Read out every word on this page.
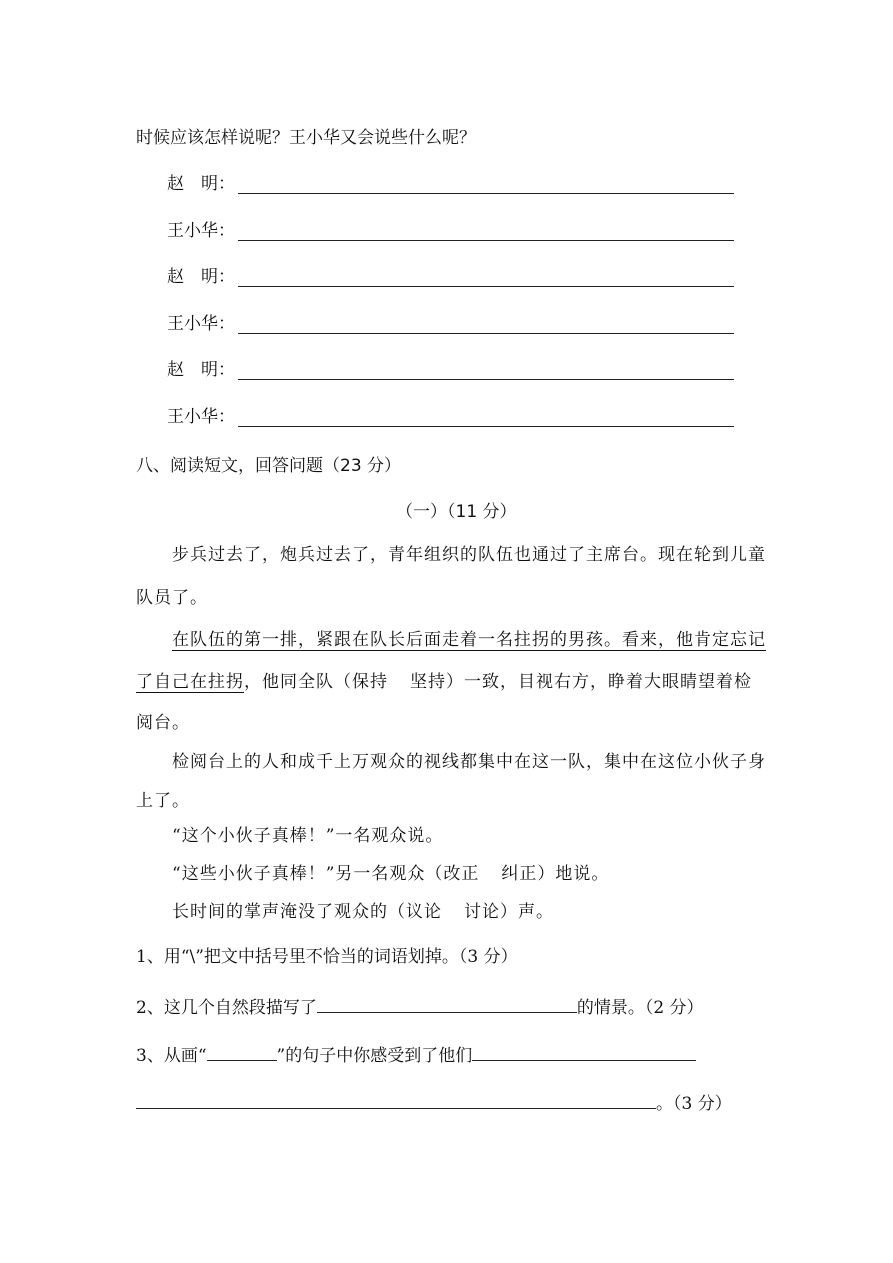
时候应该怎样说呢？王小华又会说些什么呢？
赵　明：
王小华：
赵　明：
王小华：
赵　明：
王小华：
八、阅读短文，回答问题（23 分）
（一）（11 分）
步兵过去了，炮兵过去了，青年组织的队伍也通过了主席台。现在轮到儿童
队员了。
在队伍的第一排，紧跟在队长后面走着一名拄拐的男孩。看来，他肯定忘记
了自己在拄拐，他同全队（保持 坚持）一致，目视右方，睁着大眼睛望着检
阅台。
检阅台上的人和成千上万观众的视线都集中在这一队，集中在这位小伙子身
上了。
“这个小伙子真棒！”一名观众说。
“这些小伙子真棒！”另一名观众（改正 纠正）地说。
长时间的掌声淹没了观众的（议论 讨论）声。
1、用“\”把文中括号里不恰当的词语划掉。（3 分）
2、这几个自然段描写了	的情景。（2 分）
3、从画“	”的句子中你感受到了他们
。（3 分）
